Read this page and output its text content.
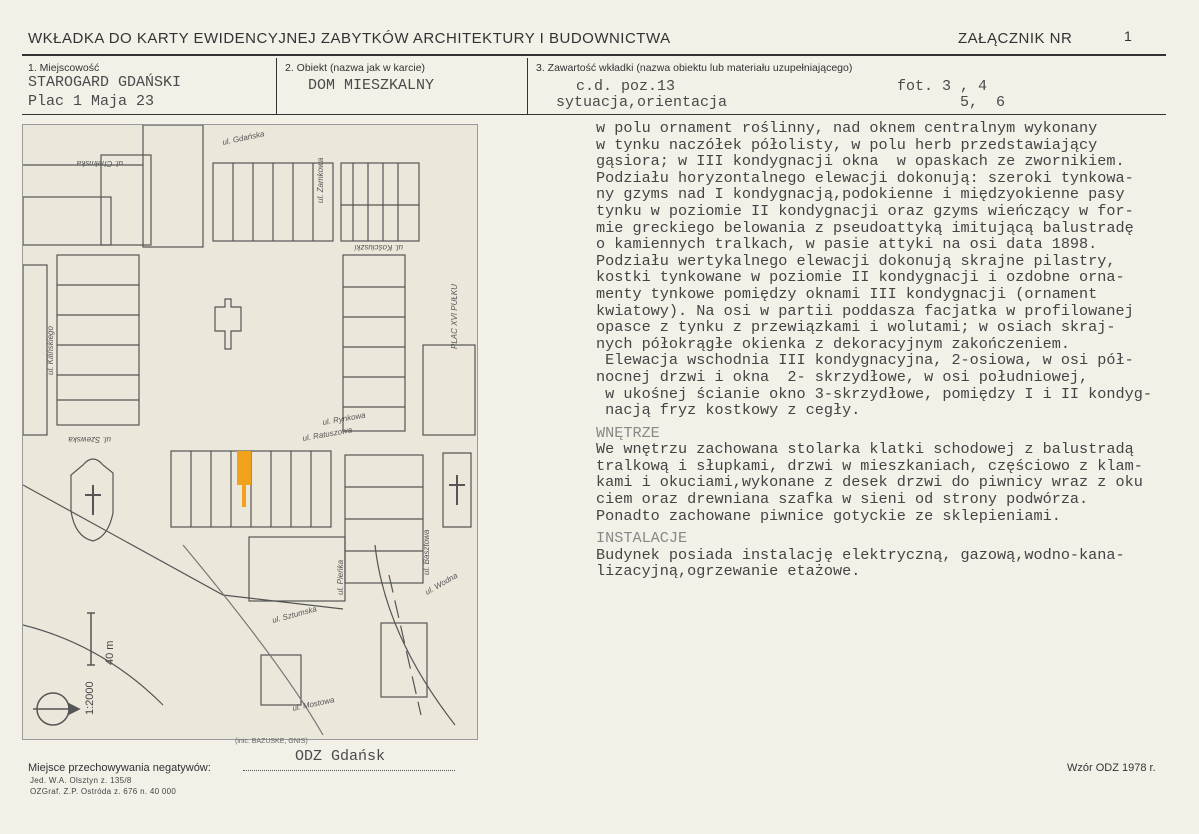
WKŁADKA DO KARTY EWIDENCYJNEJ ZABYTKÓW ARCHITEKTURY I BUDOWNICTWA	ZAŁĄCZNIK NR	1
1. Miejscowość
STAROGARD GDAŃSKI
Plac 1 Maja 23
2. Obiekt (nazwa jak w karcie)
DOM MIESZKALNY
3. Zawartość wkładki (nazwa obiektu lub materiału uzupełniającego)
c.d. poz.13
sytuacja,orientacja
fot. 3 , 4
5,  6
1:2000
40 m
ul. Gdańska
ul. Szewska
ul. Kościuszki
ul. Chełmska
ul. Ratuszowa
ul. Kilińskiego
ul. Sztumska
ul. Rynkowa
ul. Pieńka
ul. Basztowa
ul. Mostowa
ul. Wodna
ul. Zamkowa
PLAC XVI PUŁKU
(inic. BAZUSKE, GNIS)
w polu ornament roślinny, nad oknem centralnym wykonany
w tynku naczółek półolisty, w polu herb przedstawiający
gąsiora; w III kondygnacji okna  w opaskach ze zwornikiem.
Podziału horyzontalnego elewacji dokonują: szeroki tynkowa-
ny gzyms nad I kondygnacją,podokienne i międzyokienne pasy
tynku w poziomie II kondygnacji oraz gzyms wieńczący w for-
mie greckiego belowania z pseudoattyką imitującą balustradę
o kamiennych tralkach, w pasie attyki na osi data 1898.
Podziału wertykalnego elewacji dokonują skrajne pilastry,
kostki tynkowane w poziomie II kondygnacji i ozdobne orna-
menty tynkowe pomiędzy oknami III kondygnacji (ornament
kwiatowy). Na osi w partii poddasza facjatka w profilowanej
opasce z tynku z przewiązkami i wolutami; w osiach skraj-
nych półokrągłe okienka z dekoracyjnym zakończeniem.
Elewacja wschodnia III kondygnacyjna, 2-osiowa, w osi pół-
nocnej drzwi i okna  2- skrzydłowe, w osi południowej,
w ukośnej ścianie okno 3-skrzydłowe, pomiędzy I i II kondyg-
nacją fryz kostkowy z cegły.
WNĘTRZE
We wnętrzu zachowana stolarka klatki schodowej z balustradą
tralkową i słupkami, drzwi w mieszkaniach, częściowo z klam-
kami i okuciami,wykonane z desek drzwi do piwnicy wraz z oku
ciem oraz drewniana szafka w sieni od strony podwórza.
Ponadto zachowane piwnice gotyckie ze sklepieniami.
INSTALACJE
Budynek posiada instalację elektryczną, gazową,wodno-kana-
lizacyjną,ogrzewanie etażowe.
Miejsce przechowywania negatywów:
ODZ Gdańsk
Jed. W.A. Olsztyn z. 135/8
OZGraf. Z.P. Ostróda z. 676 n. 40 000
Wzór ODZ 1978 r.
